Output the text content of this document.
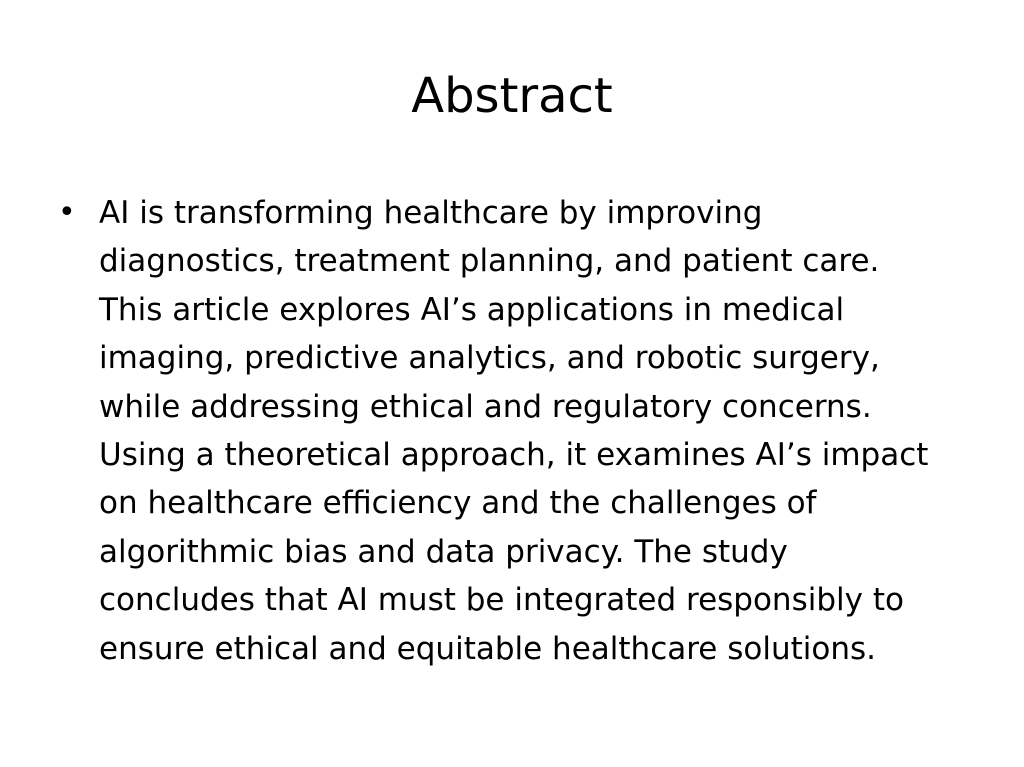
Abstract
• AI is transforming healthcare by improving
diagnostics, treatment planning, and patient care.
This article explores AI’s applications in medical
imaging, predictive analytics, and robotic surgery,
while addressing ethical and regulatory concerns.
Using a theoretical approach, it examines AI’s impact
on healthcare efficiency and the challenges of
algorithmic bias and data privacy. The study
concludes that AI must be integrated responsibly to
ensure ethical and equitable healthcare solutions.
